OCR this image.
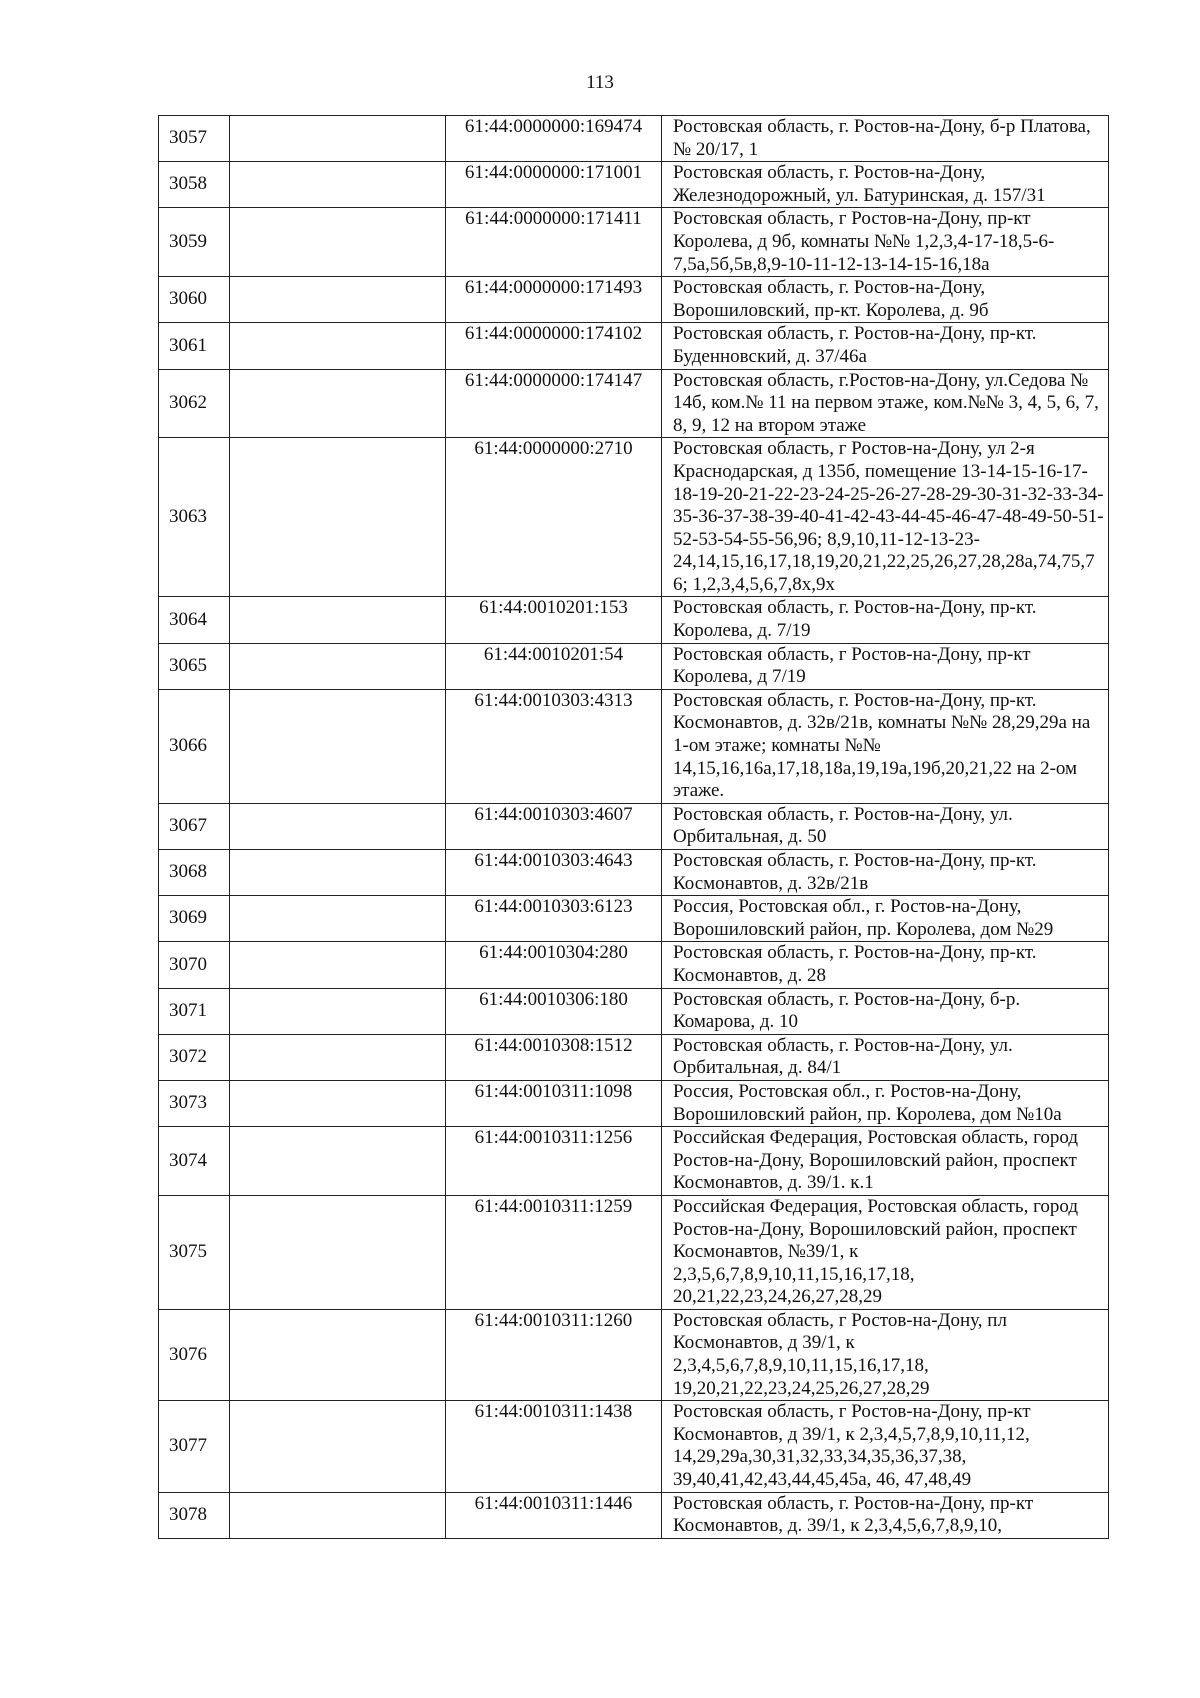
113
3057		61:44:0000000:169474	Ростовская область, г. Ростов-на-Дону, б-р Платова, № 20/17, 1
3058		61:44:0000000:171001	Ростовская область, г. Ростов-на-Дону, Железнодорожный, ул. Батуринская, д. 157/31
3059		61:44:0000000:171411	Ростовская область, г Ростов-на-Дону, пр-кт Королева, д 9б, комнаты №№ 1,2,3,4-17-18,5-6-7,5а,5б,5в,8,9-10-11-12-13-14-15-16,18а
3060		61:44:0000000:171493	Ростовская область, г. Ростов-на-Дону, Ворошиловский, пр-кт. Королева, д. 9б
3061		61:44:0000000:174102	Ростовская область, г. Ростов-на-Дону, пр-кт. Буденновский, д. 37/46а
3062		61:44:0000000:174147	Ростовская область, г.Ростов-на-Дону, ул.Седова № 14б, ком.№ 11 на первом этаже, ком.№№ 3, 4, 5, 6, 7, 8, 9, 12 на втором этаже
3063		61:44:0000000:2710	Ростовская область, г Ростов-на-Дону, ул 2-я Краснодарская, д 135б, помещение 13-14-15-16-17-18-19-20-21-22-23-24-25-26-27-28-29-30-31-32-33-34-35-36-37-38-39-40-41-42-43-44-45-46-47-48-49-50-51-52-53-54-55-56,96; 8,9,10,11-12-13-23-24,14,15,16,17,18,19,20,21,22,25,26,27,28,28а,74,75,76; 1,2,3,4,5,6,7,8х,9х
3064		61:44:0010201:153	Ростовская область, г. Ростов-на-Дону, пр-кт. Королева, д. 7/19
3065		61:44:0010201:54	Ростовская область, г Ростов-на-Дону, пр-кт Королева, д 7/19
3066		61:44:0010303:4313	Ростовская область, г. Ростов-на-Дону, пр-кт. Космонавтов, д. 32в/21в, комнаты №№ 28,29,29а на 1-ом этаже; комнаты №№ 14,15,16,16а,17,18,18а,19,19а,19б,20,21,22 на 2-ом этаже.
3067		61:44:0010303:4607	Ростовская область, г. Ростов-на-Дону, ул. Орбитальная, д. 50
3068		61:44:0010303:4643	Ростовская область, г. Ростов-на-Дону, пр-кт. Космонавтов, д. 32в/21в
3069		61:44:0010303:6123	Россия, Ростовская обл., г. Ростов-на-Дону, Ворошиловский район, пр. Королева, дом №29
3070		61:44:0010304:280	Ростовская область, г. Ростов-на-Дону, пр-кт. Космонавтов, д. 28
3071		61:44:0010306:180	Ростовская область, г. Ростов-на-Дону, б-р. Комарова, д. 10
3072		61:44:0010308:1512	Ростовская область, г. Ростов-на-Дону, ул. Орбитальная, д. 84/1
3073		61:44:0010311:1098	Россия, Ростовская обл., г. Ростов-на-Дону, Ворошиловский район, пр. Королева, дом №10а
3074		61:44:0010311:1256	Российская Федерация, Ростовская область, город Ростов-на-Дону, Ворошиловский район, проспект Космонавтов, д. 39/1. к.1
3075		61:44:0010311:1259	Российская Федерация, Ростовская область, город Ростов-на-Дону, Ворошиловский район, проспект Космонавтов, №39/1, к 2,3,5,6,7,8,9,10,11,15,16,17,18, 20,21,22,23,24,26,27,28,29
3076		61:44:0010311:1260	Ростовская область, г Ростов-на-Дону, пл Космонавтов, д 39/1, к 2,3,4,5,6,7,8,9,10,11,15,16,17,18, 19,20,21,22,23,24,25,26,27,28,29
3077		61:44:0010311:1438	Ростовская область, г Ростов-на-Дону, пр-кт Космонавтов, д 39/1, к 2,3,4,5,7,8,9,10,11,12, 14,29,29а,30,31,32,33,34,35,36,37,38, 39,40,41,42,43,44,45,45а, 46, 47,48,49
3078		61:44:0010311:1446	Ростовская область, г. Ростов-на-Дону, пр-кт Космонавтов, д. 39/1, к 2,3,4,5,6,7,8,9,10,
